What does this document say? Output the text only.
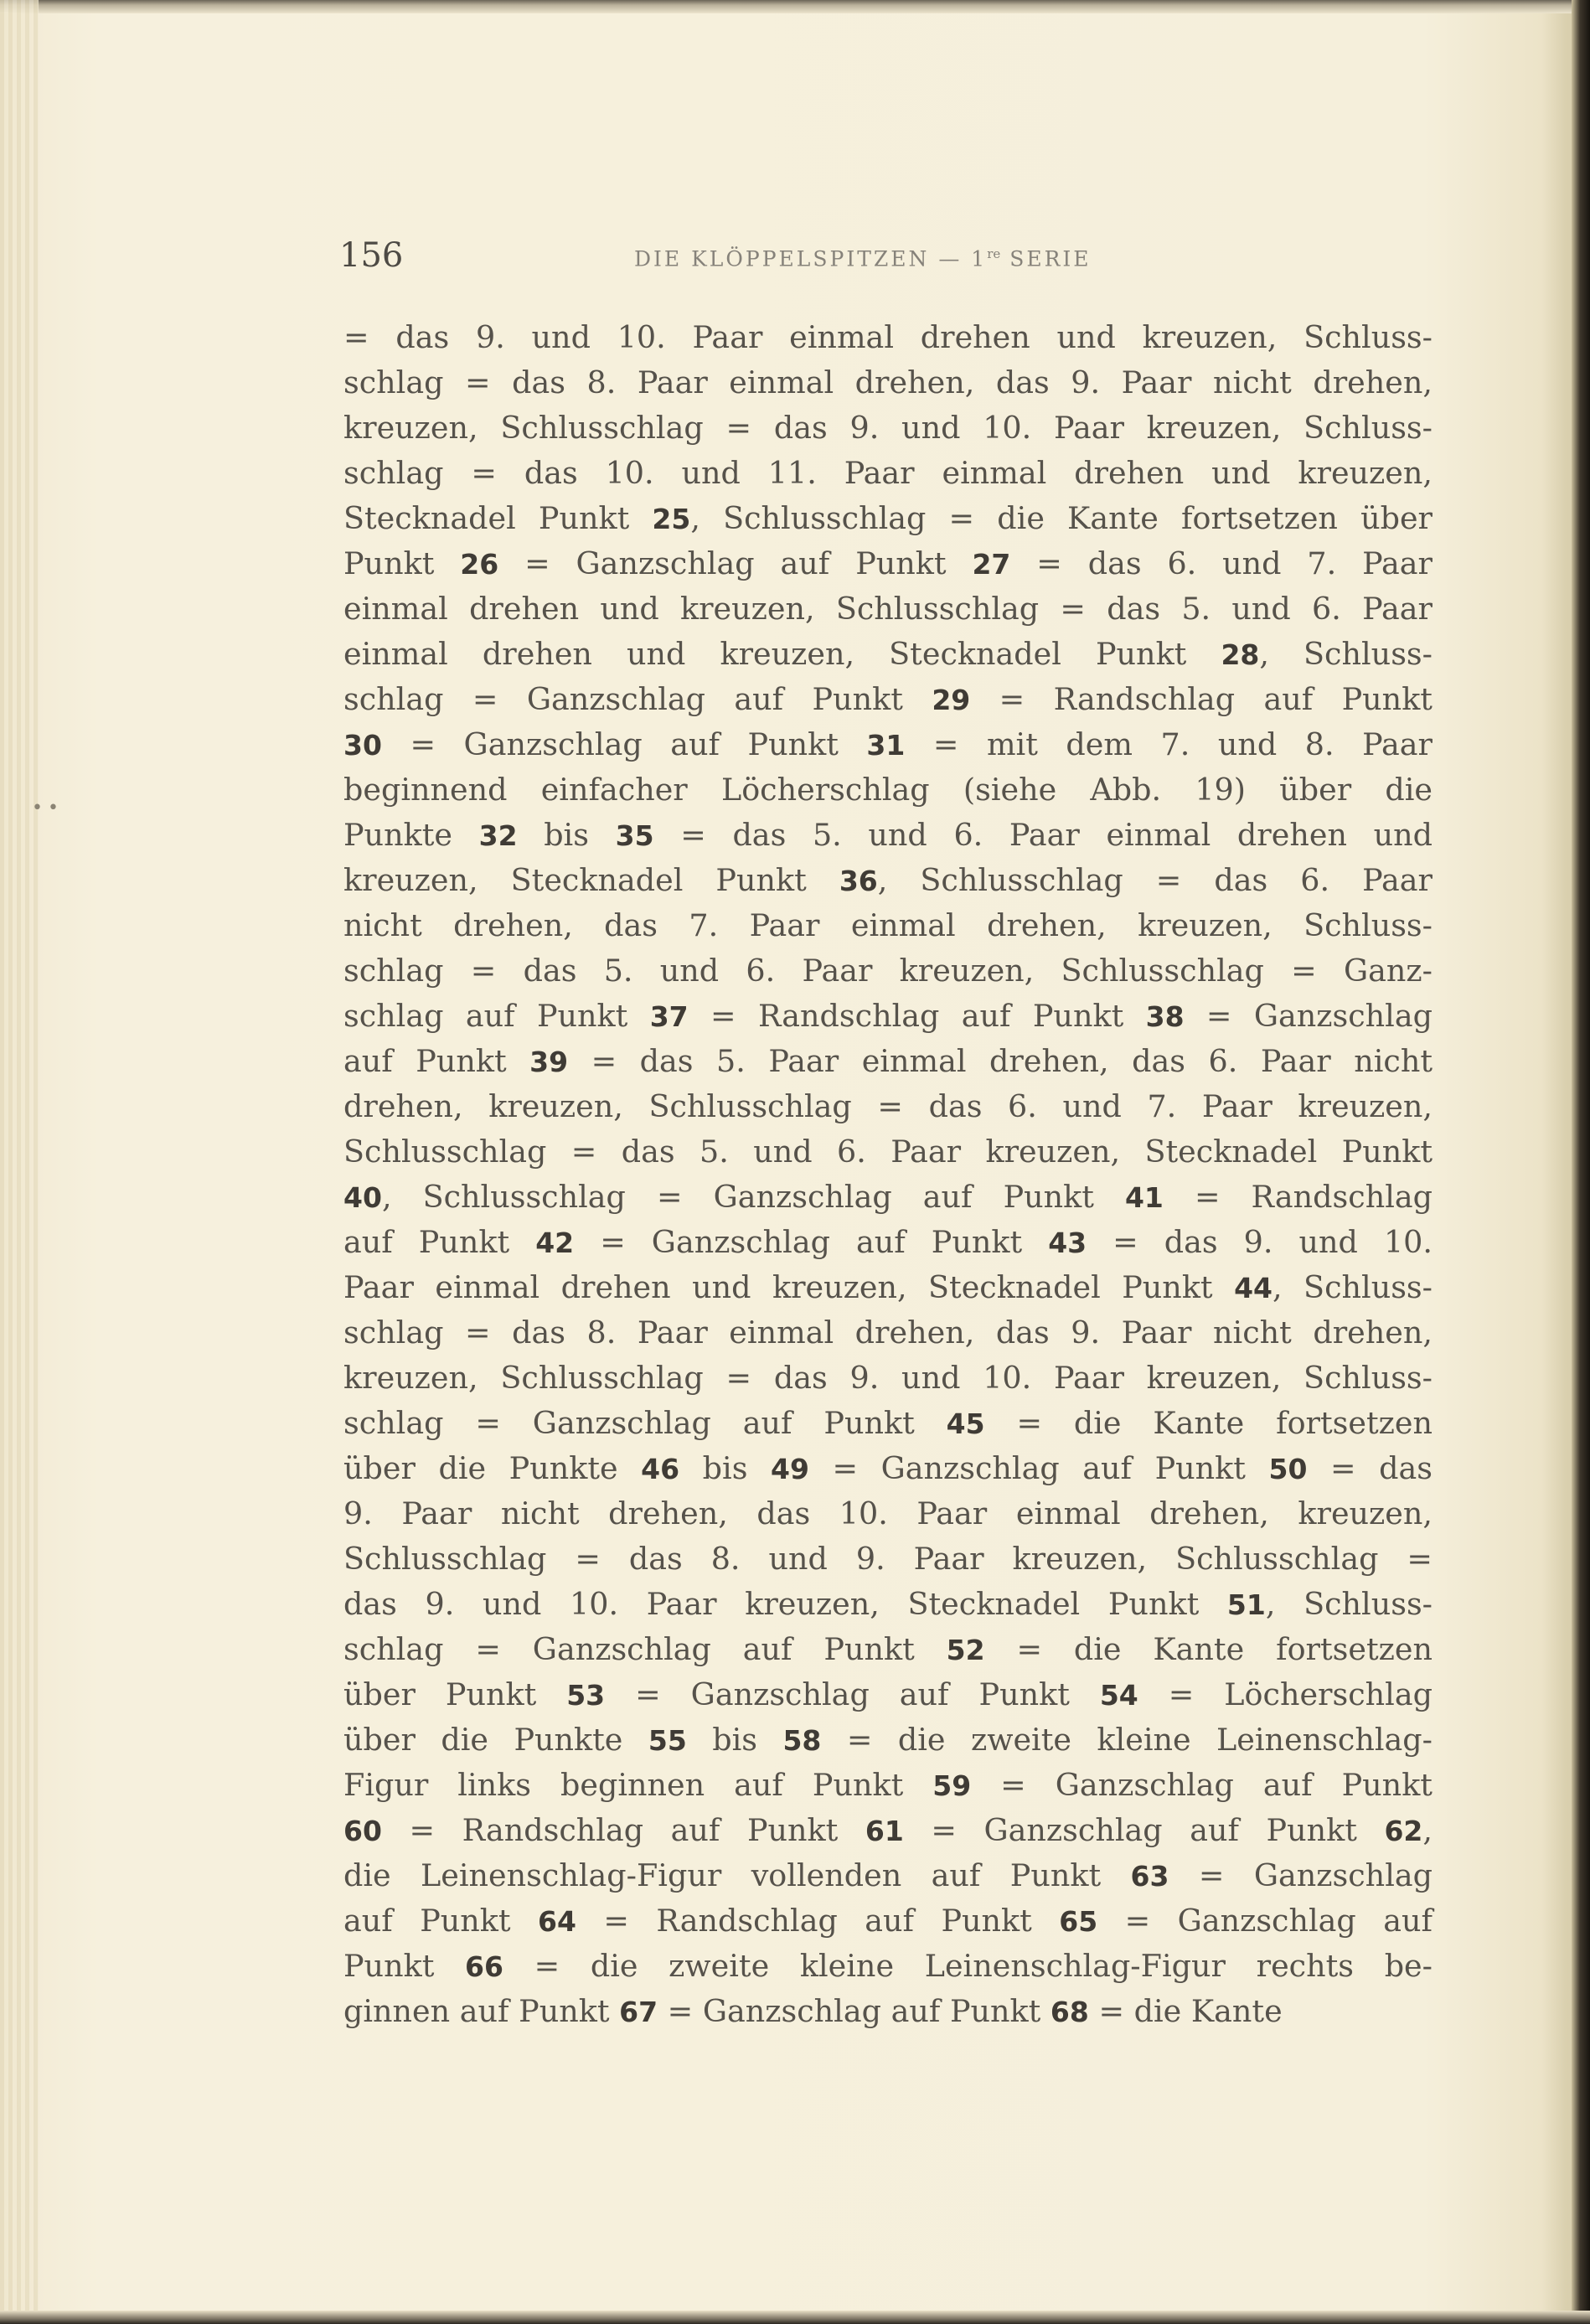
••
156	DIE KLÖPPELSPITZEN — 1re SERIE
= das 9. und 10. Paar einmal drehen und kreuzen, Schluss-
schlag = das 8. Paar einmal drehen, das 9. Paar nicht drehen,
kreuzen, Schlusschlag = das 9. und 10. Paar kreuzen, Schluss-
schlag = das 10. und 11. Paar einmal drehen und kreuzen,
Stecknadel Punkt 25, Schlusschlag = die Kante fortsetzen über
Punkt 26 = Ganzschlag auf Punkt 27 = das 6. und 7. Paar
einmal drehen und kreuzen, Schlusschlag = das 5. und 6. Paar
einmal drehen und kreuzen, Stecknadel Punkt 28, Schluss-
schlag = Ganzschlag auf Punkt 29 = Randschlag auf Punkt
30 = Ganzschlag auf Punkt 31 = mit dem 7. und 8. Paar
beginnend einfacher Löcherschlag (siehe Abb. 19) über die
Punkte 32 bis 35 = das 5. und 6. Paar einmal drehen und
kreuzen, Stecknadel Punkt 36, Schlusschlag = das 6. Paar
nicht drehen, das 7. Paar einmal drehen, kreuzen, Schluss-
schlag = das 5. und 6. Paar kreuzen, Schlusschlag = Ganz-
schlag auf Punkt 37 = Randschlag auf Punkt 38 = Ganzschlag
auf Punkt 39 = das 5. Paar einmal drehen, das 6. Paar nicht
drehen, kreuzen, Schlusschlag = das 6. und 7. Paar kreuzen,
Schlusschlag = das 5. und 6. Paar kreuzen, Stecknadel Punkt
40, Schlusschlag = Ganzschlag auf Punkt 41 = Randschlag
auf Punkt 42 = Ganzschlag auf Punkt 43 = das 9. und 10.
Paar einmal drehen und kreuzen, Stecknadel Punkt 44, Schluss-
schlag = das 8. Paar einmal drehen, das 9. Paar nicht drehen,
kreuzen, Schlusschlag = das 9. und 10. Paar kreuzen, Schluss-
schlag = Ganzschlag auf Punkt 45 = die Kante fortsetzen
über die Punkte 46 bis 49 = Ganzschlag auf Punkt 50 = das
9. Paar nicht drehen, das 10. Paar einmal drehen, kreuzen,
Schlusschlag = das 8. und 9. Paar kreuzen, Schlusschlag =
das 9. und 10. Paar kreuzen, Stecknadel Punkt 51, Schluss-
schlag = Ganzschlag auf Punkt 52 = die Kante fortsetzen
über Punkt 53 = Ganzschlag auf Punkt 54 = Löcherschlag
über die Punkte 55 bis 58 = die zweite kleine Leinenschlag-
Figur links beginnen auf Punkt 59 = Ganzschlag auf Punkt
60 = Randschlag auf Punkt 61 = Ganzschlag auf Punkt 62,
die Leinenschlag-Figur vollenden auf Punkt 63 = Ganzschlag
auf Punkt 64 = Randschlag auf Punkt 65 = Ganzschlag auf
Punkt 66 = die zweite kleine Leinenschlag-Figur rechts be-
ginnen auf Punkt 67 = Ganzschlag auf Punkt 68 = die Kante
